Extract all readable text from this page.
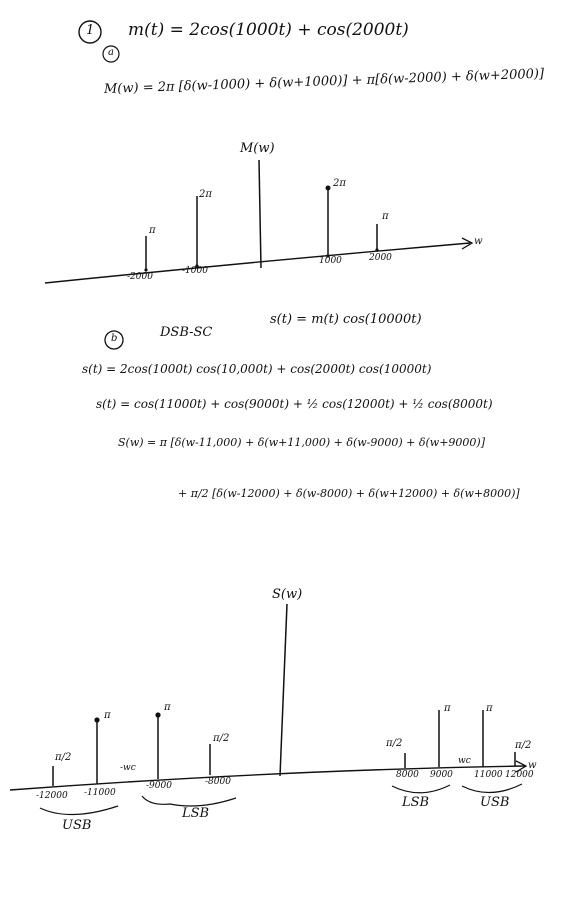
1
a
m(t) = 2cos(1000t) + cos(2000t)
M(w) = 2π [δ(w-1000) + δ(w+1000)] + π[δ(w-2000) + δ(w+2000)]
M(w)
w
π
2π
2π
π
-2000
-1000
1000	2000
b	DSB-SC
s(t) = m(t) cos(10000t)
s(t) = 2cos(1000t) cos(10,000t) + cos(2000t) cos(10000t)
s(t) = cos(11000t) + cos(9000t) + ½ cos(12000t) + ½ cos(8000t)
S(w) = π [δ(w-11,000) + δ(w+11,000) + δ(w-9000) + δ(w+9000)]
+ π/2 [δ(w-12000) + δ(w-8000) + δ(w+12000) + δ(w+8000)]
S(w)
w
π/2
π
π
π/2	π/2
π	π
π/2
-wc
wc
-12000 -11000
-9000	-8000
8000 9000 11000 12000
USB
LSB
LSB	USB
